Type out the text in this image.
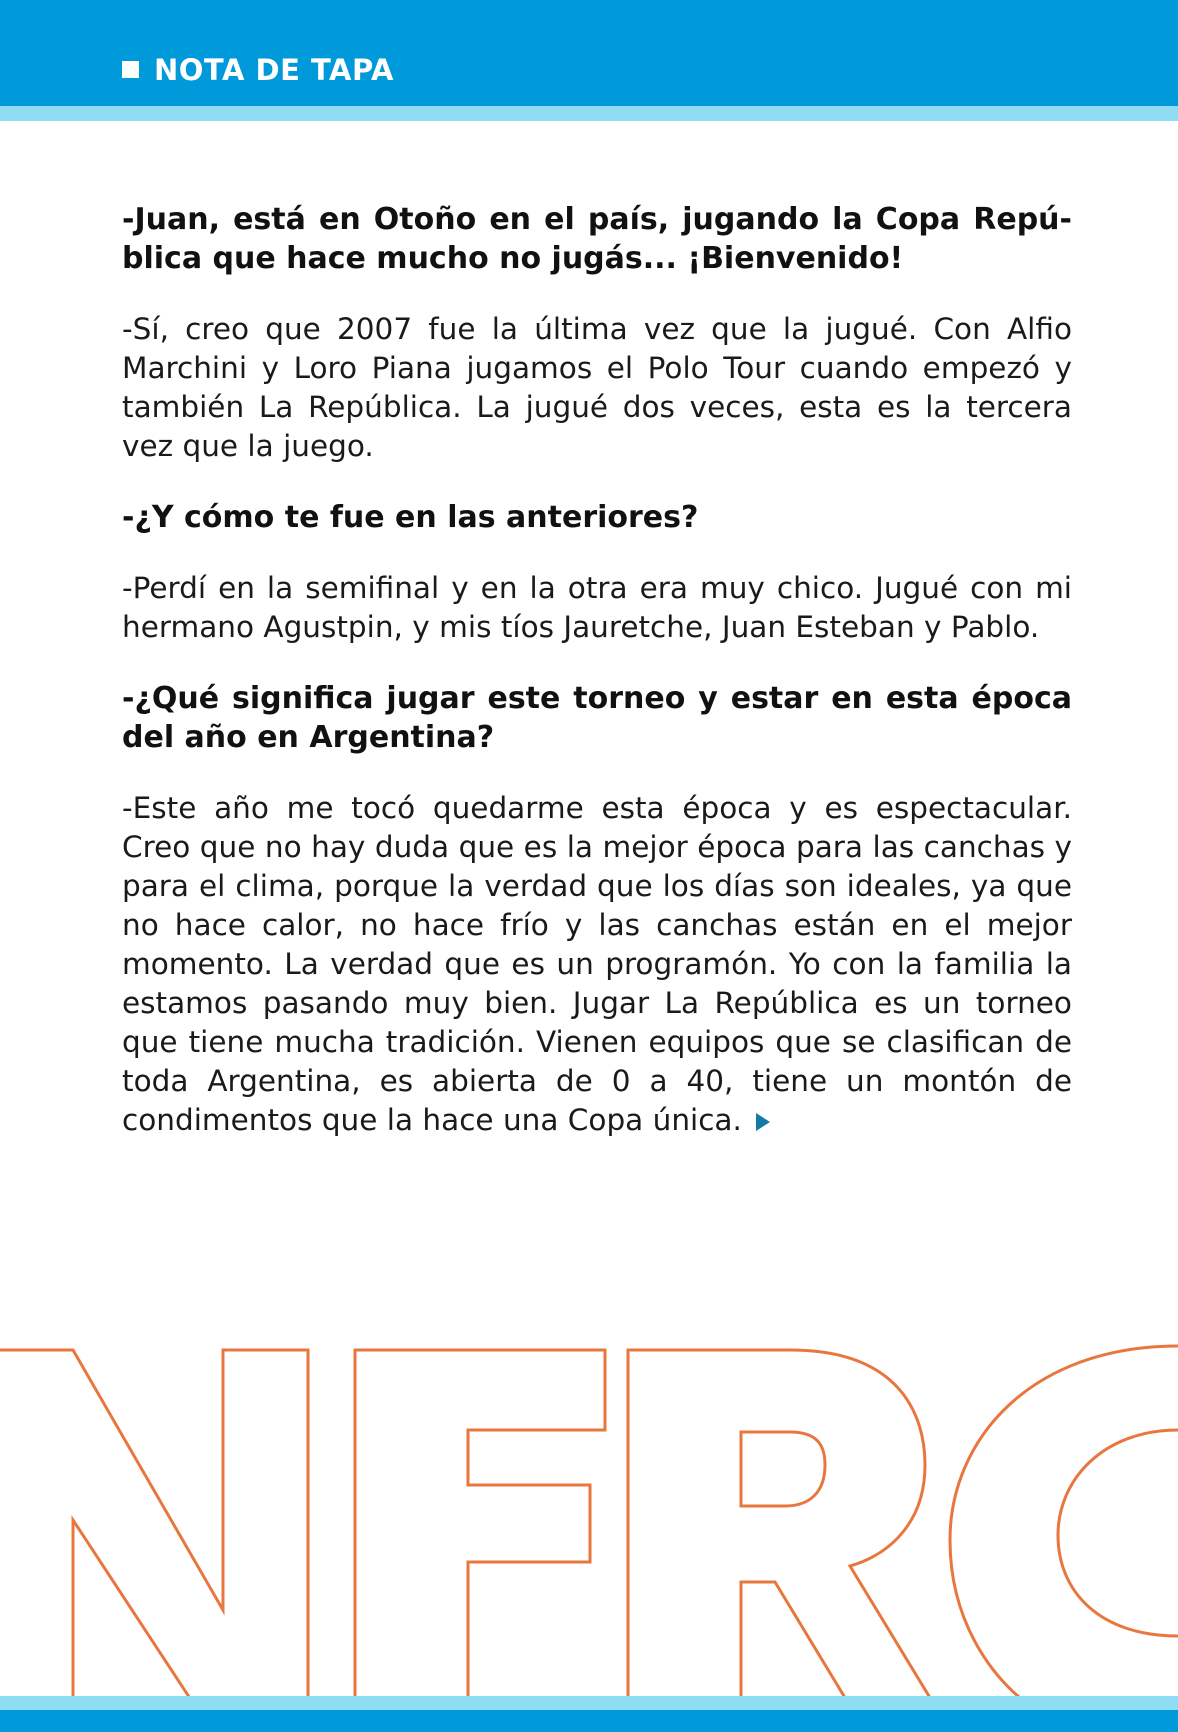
NOTA DE TAPA

-Juan, está en Otoño en el país, jugando la Copa Repú-blica que hace mucho no jugás... ¡Bienvenido!

-Sí, creo que 2007 fue la última vez que la jugué. Con Alfio Marchini y Loro Piana jugamos el Polo Tour cuando empezó y también La República. La jugué dos veces, esta es la tercera vez que la juego.

-¿Y cómo te fue en las anteriores?

-Perdí en la semifinal y en la otra era muy chico. Jugué con mi hermano Agustpin, y mis tíos Jauretche, Juan Esteban y Pablo.

-¿Qué significa jugar este torneo y estar en esta época del año en Argentina?

-Este año me tocó quedarme esta época y es espectacular. Creo que no hay duda que es la mejor época para las canchas y para el clima, porque la verdad que los días son ideales, ya que no hace calor, no hace frío y las canchas están en el mejor momento. La verdad que es un programón. Yo con la familia la estamos pasando muy bien. Jugar La República es un torneo que tiene mucha tradición. Vienen equipos que se clasifican de toda Argentina, es abierta de 0 a 40, tiene un montón de condimentos que la hace una Copa única.
